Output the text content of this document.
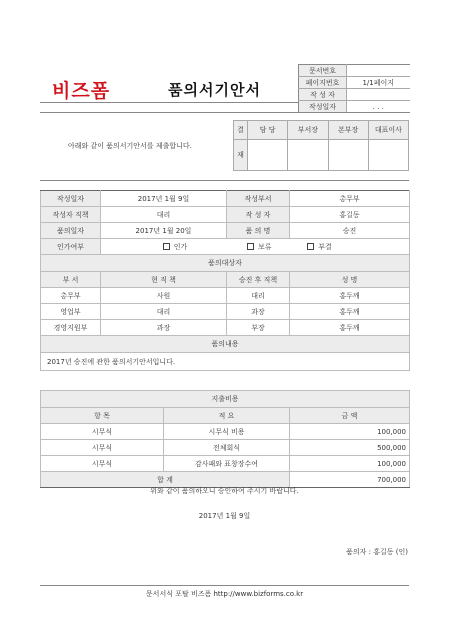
비즈폼	품의서기안서
문서번호	
페이지번호	1/1페이지
작 성 자	
작성일자	. . .
아래와 같이 품의서기안서를 제출합니다.
결	담 당	부서장	본부장	대표이사
재				
작성일자	2017년 1월 9일		작성부서	총무부
작성자 직책	대리		작 성 자	홍길동
품의일자	2017년 1월 20일		품 의 명	승진
인가여부	인가 보류 부결			
품의대상자				
부 서	현 직 책		승진 후 직책	성 명
총무부	사원		대리	홍두깨
영업부	대리		과장	홍두깨
경영지원부	과장		부장	홍두깨
품의내용				
2017년 승진에 관한 품의서기안서입니다.				

지출비용				
항 목		적 요		금 액
시무식		시무식 비용		100,000
시무식		전체회식		500,000
시무식		감사패와 표창장수여		100,000
합 계				700,000
위와 같이 품의하오니 승인하여 주시기 바랍니다.
2017년 1월 9일
품의자 : 홍길동 (인)
문서서식 포탈 비즈폼 http://www.bizforms.co.kr
